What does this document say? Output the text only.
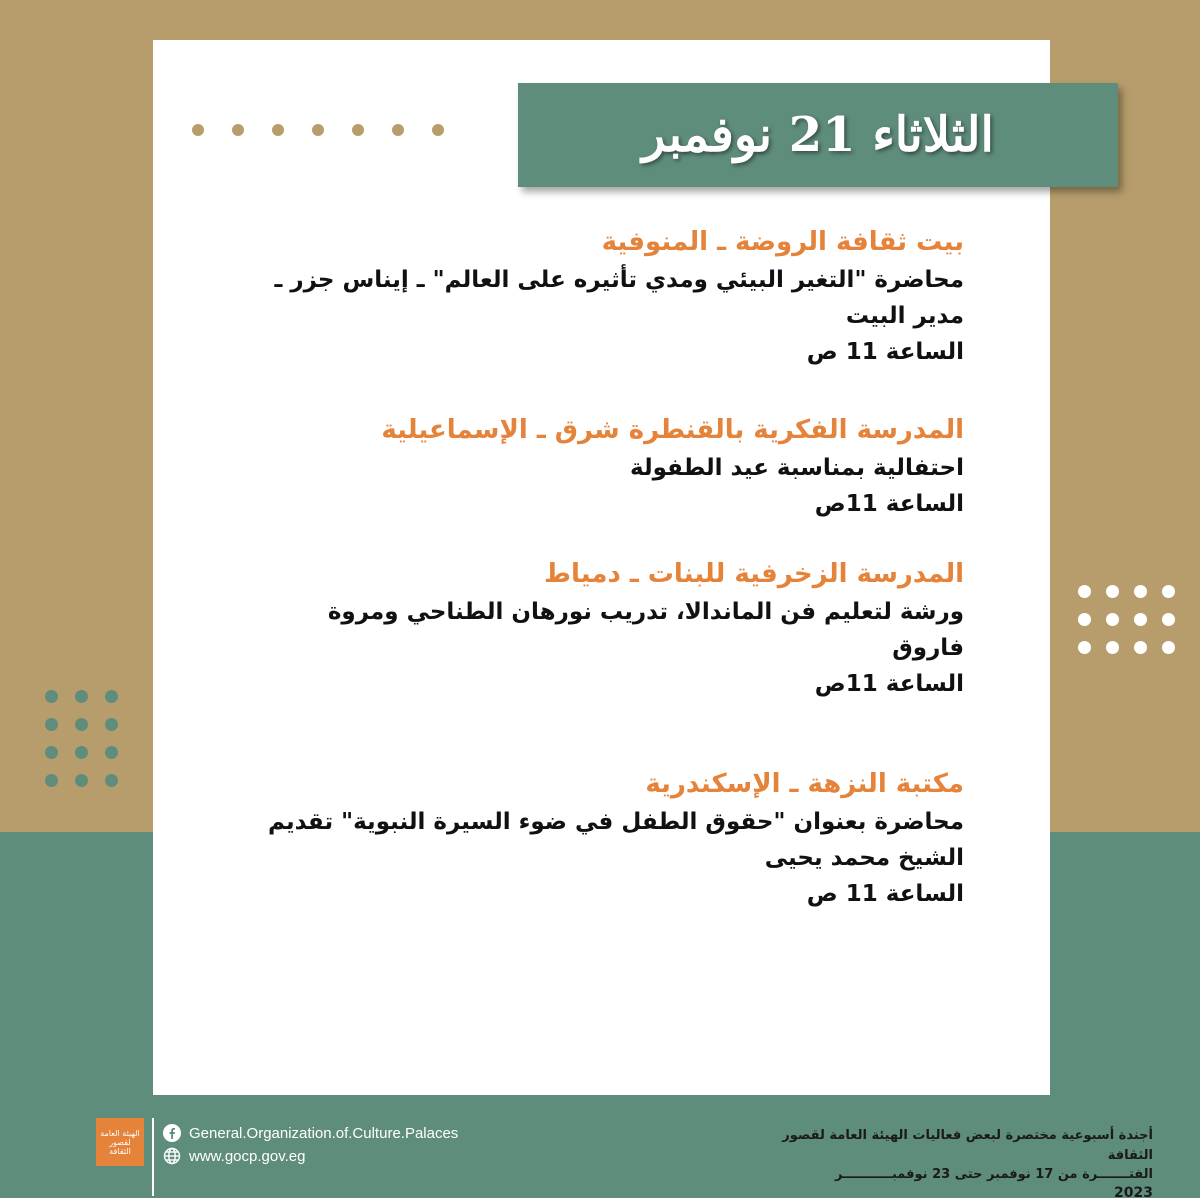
الثلاثاء 21 نوفمبر
بيت ثقافة الروضة ـ المنوفية
محاضرة "التغير البيئي ومدي تأثيره على العالم" ـ إيناس جزر ـ
مدير البيت
الساعة 11 ص
المدرسة الفكرية بالقنطرة شرق ـ الإسماعيلية
احتفالية بمناسبة عيد الطفولة
الساعة 11ص
المدرسة الزخرفية للبنات ـ دمياط
ورشة لتعليم فن الماندالا، تدريب نورهان الطناحي ومروة فاروق
الساعة 11ص
مكتبة النزهة ـ الإسكندرية
محاضرة بعنوان "حقوق الطفل في ضوء السيرة النبوية" تقديم
الشيخ محمد يحيى
الساعة 11 ص
الهيئة العامة لقصور الثقافة
General.Organization.of.Culture.Palaces
www.gocp.gov.eg
أجندة أسبوعية مختصرة لبعض فعاليات الهيئة العامة لقصور الثقافة
الفتـــــــرة من 17 نوفمبر حتى 23 نوفمبـــــــــــر
2023
